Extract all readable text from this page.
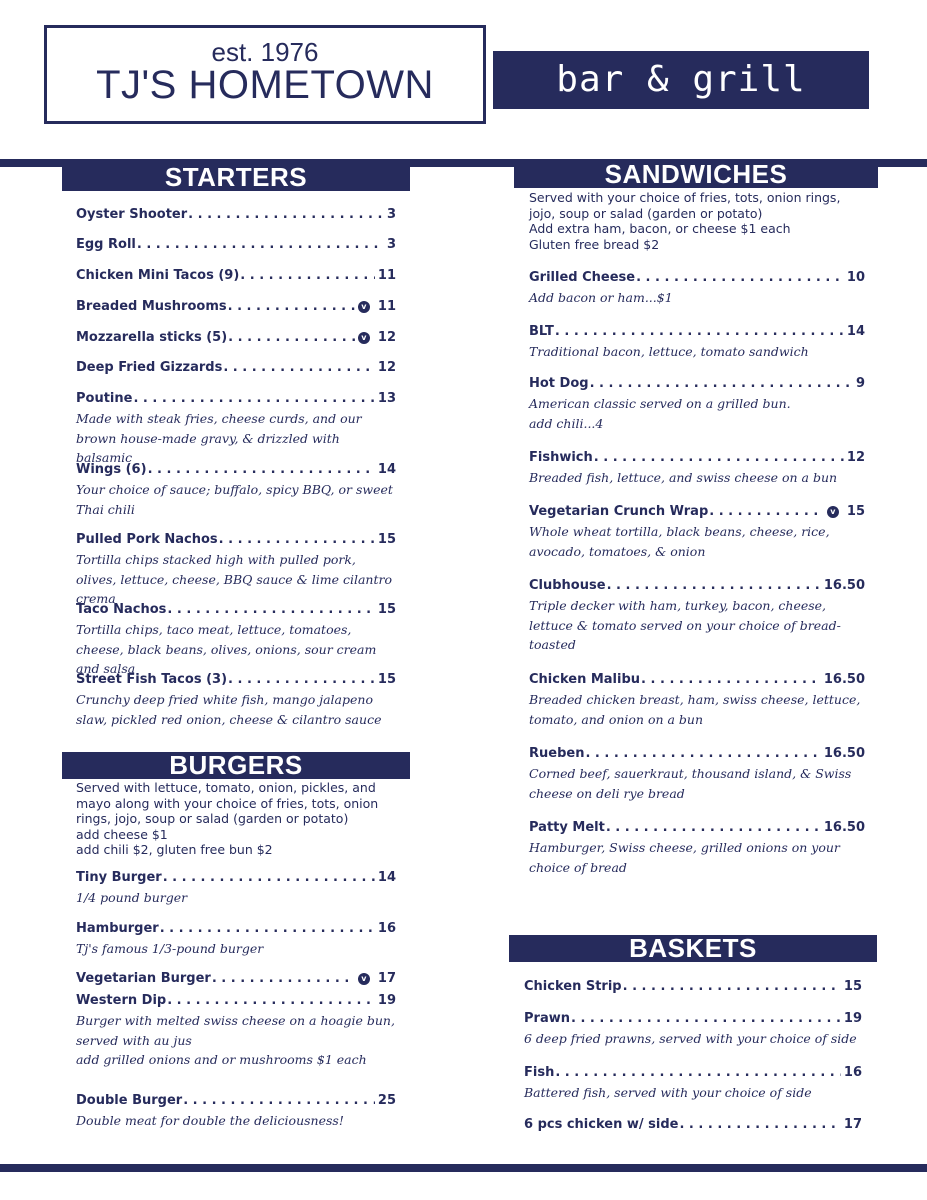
est. 1976
TJ'S HOMETOWN	bar & grill
STARTERS
BURGERS
SANDWICHES
BASKETS
Oyster Shooter . . .	3
Egg Roll . . .	3
Chicken Mini Tacos (9) . . .	11
Breaded Mushrooms . . .	v 11
Mozzarella sticks (5) . . .	v 12
Deep Fried Gizzards . . .	12
Poutine . . .	13
Made with steak fries, cheese curds, and our brown house-made gravy, & drizzled with balsamic
Wings (6) . . .	14
Your choice of sauce; buffalo, spicy BBQ, or sweet Thai chili
Pulled Pork Nachos . . .	15
Tortilla chips stacked high with pulled pork, olives, lettuce, cheese, BBQ sauce & lime cilantro crema
Taco Nachos . . .	15
Tortilla chips, taco meat, lettuce, tomatoes, cheese, black beans, olives, onions, sour cream and salsa
Street Fish Tacos (3) . . .	15
Crunchy deep fried white fish, mango jalapeno slaw, pickled red onion, cheese & cilantro sauce
Served with lettuce, tomato, onion, pickles, and
mayo along with your choice of fries, tots, onion
rings, jojo, soup or salad (garden or potato)
add cheese $1
add chili $2, gluten free bun $2
Tiny Burger . . .	14
1/4 pound burger
Hamburger . . .	16
Tj's famous 1/3-pound burger
Vegetarian Burger . . .	v 17
Western Dip . . .	19
Burger with melted swiss cheese on a hoagie bun, served with au jus
add grilled onions and or mushrooms $1 each
Double Burger . . .	25
Double meat for double the deliciousness!
Served with your choice of fries, tots, onion rings,
jojo, soup or salad (garden or potato)
Add extra ham, bacon, or cheese $1 each
Gluten free bread $2
Grilled Cheese . . .	10
Add bacon or ham...$1
BLT . . .	14
Traditional bacon, lettuce, tomato sandwich
Hot Dog . . .	9
American classic served on a grilled bun.
add chili...4
Fishwich . . .	12
Breaded fish, lettuce, and swiss cheese on a bun
Vegetarian Crunch Wrap . . .	v 15
Whole wheat tortilla, black beans, cheese, rice, avocado, tomatoes, & onion
Clubhouse . . .	16.50
Triple decker with ham, turkey, bacon, cheese, lettuce & tomato served on your choice of bread- toasted
Chicken Malibu . . .	16.50
Breaded chicken breast, ham, swiss cheese, lettuce, tomato, and onion on a bun
Rueben . . .	16.50
Corned beef, sauerkraut, thousand island, & Swiss cheese on deli rye bread
Patty Melt . . .	16.50
Hamburger, Swiss cheese, grilled onions on your choice of bread
Chicken Strip . . .	15
Prawn . . .	19
6 deep fried prawns, served with your choice of side
Fish . . .	16
Battered fish, served with your choice of side
6 pcs chicken w/ side . . .	17
